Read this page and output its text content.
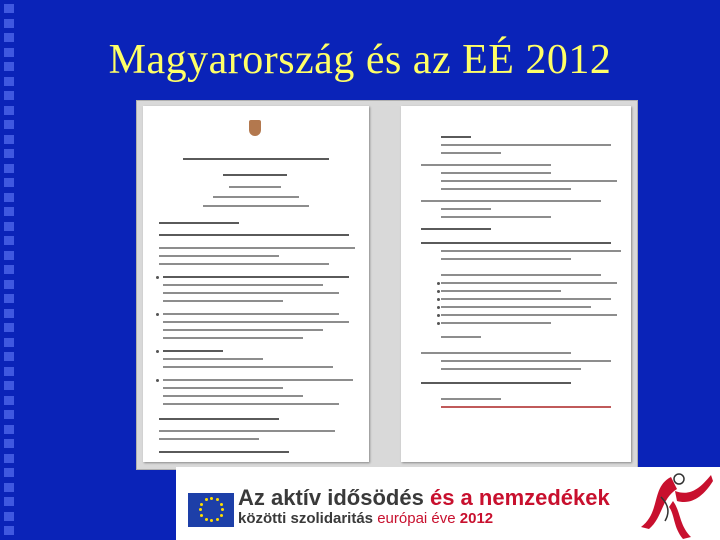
Magyarország és az EÉ 2012
Az aktív idősödés és a nemzedékek
közötti szolidaritás európai éve 2012
